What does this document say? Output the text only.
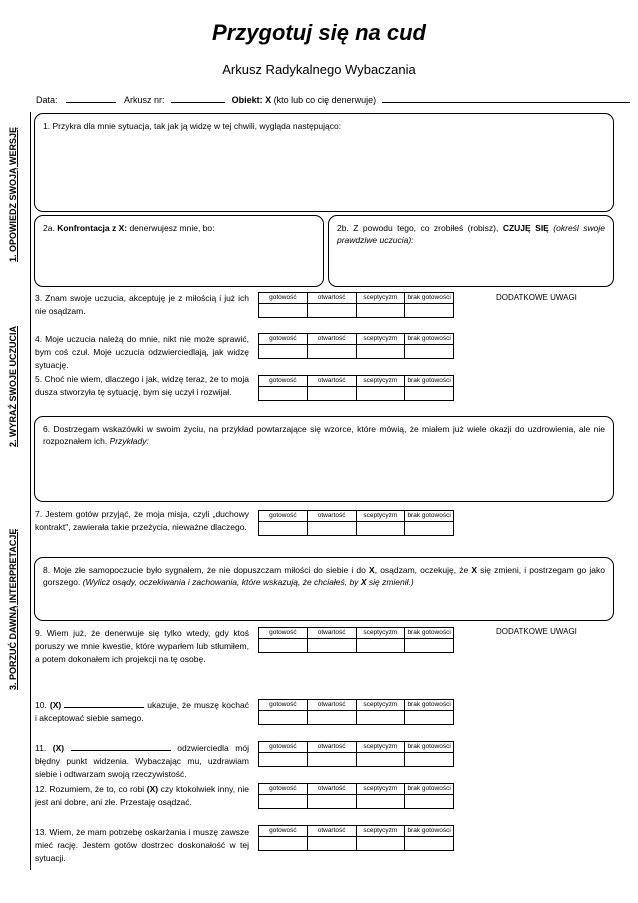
Przygotuj się na cud
Arkusz Radykalnego Wybaczania
Data:	Arkusz nr:	Obiekt: X (kto lub co cię denerwuje)
1. OPOWIEDZ SWOJĄ WERSJĘ
2. WYRAŹ SWOJE UCZUCIA
3. PORZUĆ DAWNĄ INTERPRETACJĘ
1. Przykra dla mnie sytuacja, tak jak ją widzę w tej chwili, wygląda następująco:
2a. Konfrontacja z X: denerwujesz mnie, bo:	2b. Z powodu tego, co zrobiłeś (robisz), CZUJĘ SIĘ (określ swoje prawdziwe uczucia):
3. Znam swoje uczucia, akceptuję je z miłością i już ich nie osądzam.
gotowość	otwartość	sceptycyzm	brak gotowości	DODATKOWE UWAGI
4. Moje uczucia należą do mnie, nikt nie może sprawić, bym coś czuł. Moje uczucia odzwierciedlają, jak widzę sytuację.
gotowość	otwartość	sceptycyzm	brak gotowości
5. Choć nie wiem, dlaczego i jak, widzę teraz, że to moja dusza stworzyła tę sytuację, bym się uczył i rozwijał.
gotowość	otwartość	sceptycyzm	brak gotowości
6. Dostrzegam wskazówki w swoim życiu, na przykład powtarzające się wzorce, które mówią, że miałem już wiele okazji do uzdrowienia, ale nie rozpoznałem ich. Przykłady:
7. Jestem gotów przyjąć, że moja misja, czyli „duchowy kontrakt", zawierała takie przeżycia, nieważne dlaczego.
gotowość	otwartość	sceptycyzm	brak gotowości
8. Moje złe samopoczucie było sygnałem, że nie dopuszczam miłości do siebie i do X, osądzam, oczekuję, że X się zmieni, i postrzegam go jako gorszego. (Wylicz osądy, oczekiwania i zachowania, które wskazują, że chciałeś, by X się zmienił.)
9. Wiem już, że denerwuje się tylko wtedy, gdy ktoś poruszy we mnie kwestie, które wyparłem lub stłumiłem, a potem dokonałem ich projekcji na tę osobę.
gotowość	otwartość	sceptycyzm	brak gotowości	DODATKOWE UWAGI
10. (X)	ukazuje, że muszę kochać i akceptować siebie samego.
gotowość	otwartość	sceptycyzm	brak gotowości
11. (X)	odzwierciedla mój błędny punkt widzenia. Wybaczając mu, uzdrawiam siebie i odtwarzam swoją rzeczywistość.
gotowość	otwartość	sceptycyzm	brak gotowości
12. Rozumiem, że to, co robi (X) czy ktokolwiek inny, nie jest ani dobre, ani złe. Przestaję osądzać.
gotowość	otwartość	sceptycyzm	brak gotowości
13. Wiem, że mam potrzebę oskarżania i muszę zawsze mieć rację. Jestem gotów dostrzec doskonałość w tej sytuacji.
gotowość	otwartość	sceptycyzm	brak gotowości
